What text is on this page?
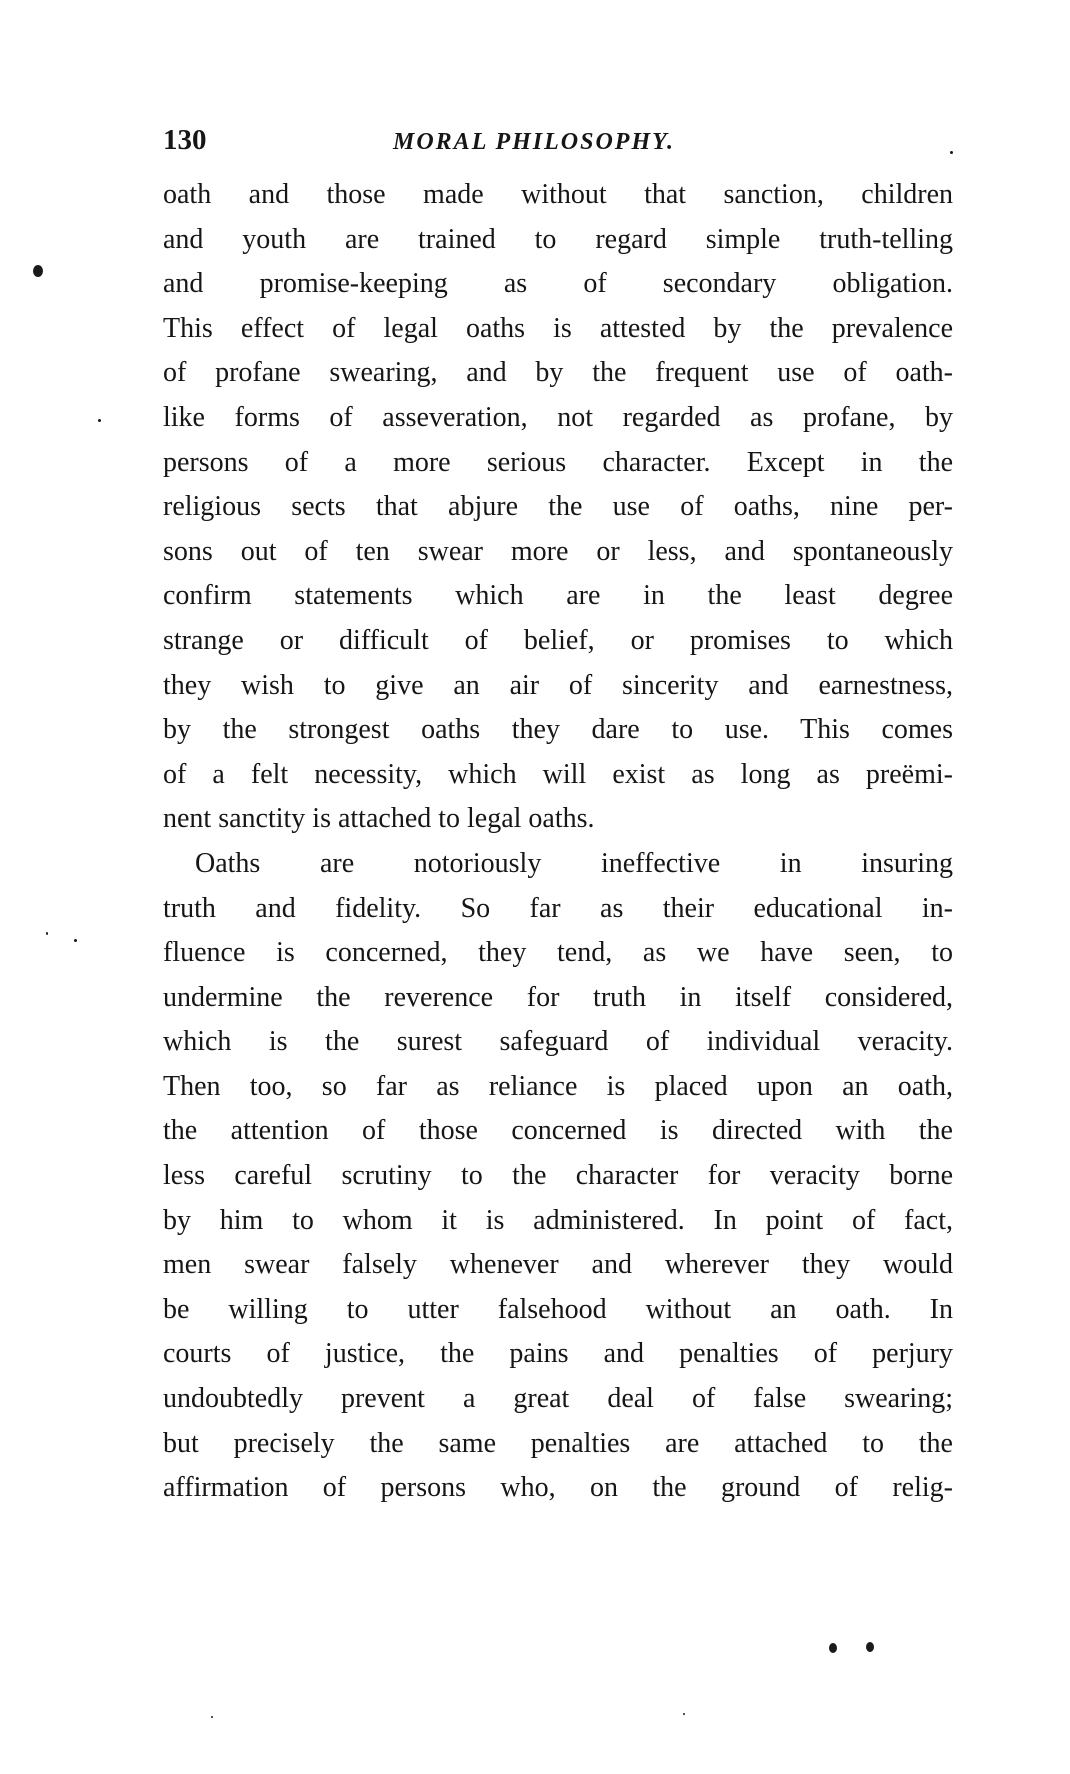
130	MORAL PHILOSOPHY.
oath and those made without that sanction, children
and youth are trained to regard simple truth-telling
and promise-keeping as of secondary obligation.
This effect of legal oaths is attested by the prevalence
of profane swearing, and by the frequent use of oath-
like forms of asseveration, not regarded as profane, by
persons of a more serious character. Except in the
religious sects that abjure the use of oaths, nine per-
sons out of ten swear more or less, and spontaneously
confirm statements which are in the least degree
strange or difficult of belief, or promises to which
they wish to give an air of sincerity and earnestness,
by the strongest oaths they dare to use. This comes
of a felt necessity, which will exist as long as preëmi-
nent sanctity is attached to legal oaths.
Oaths are notoriously ineffective in insuring
truth and fidelity. So far as their educational in-
fluence is concerned, they tend, as we have seen, to
undermine the reverence for truth in itself considered,
which is the surest safeguard of individual veracity.
Then too, so far as reliance is placed upon an oath,
the attention of those concerned is directed with the
less careful scrutiny to the character for veracity borne
by him to whom it is administered. In point of fact,
men swear falsely whenever and wherever they would
be willing to utter falsehood without an oath. In
courts of justice, the pains and penalties of perjury
undoubtedly prevent a great deal of false swearing;
but precisely the same penalties are attached to the
affirmation of persons who, on the ground of relig-
